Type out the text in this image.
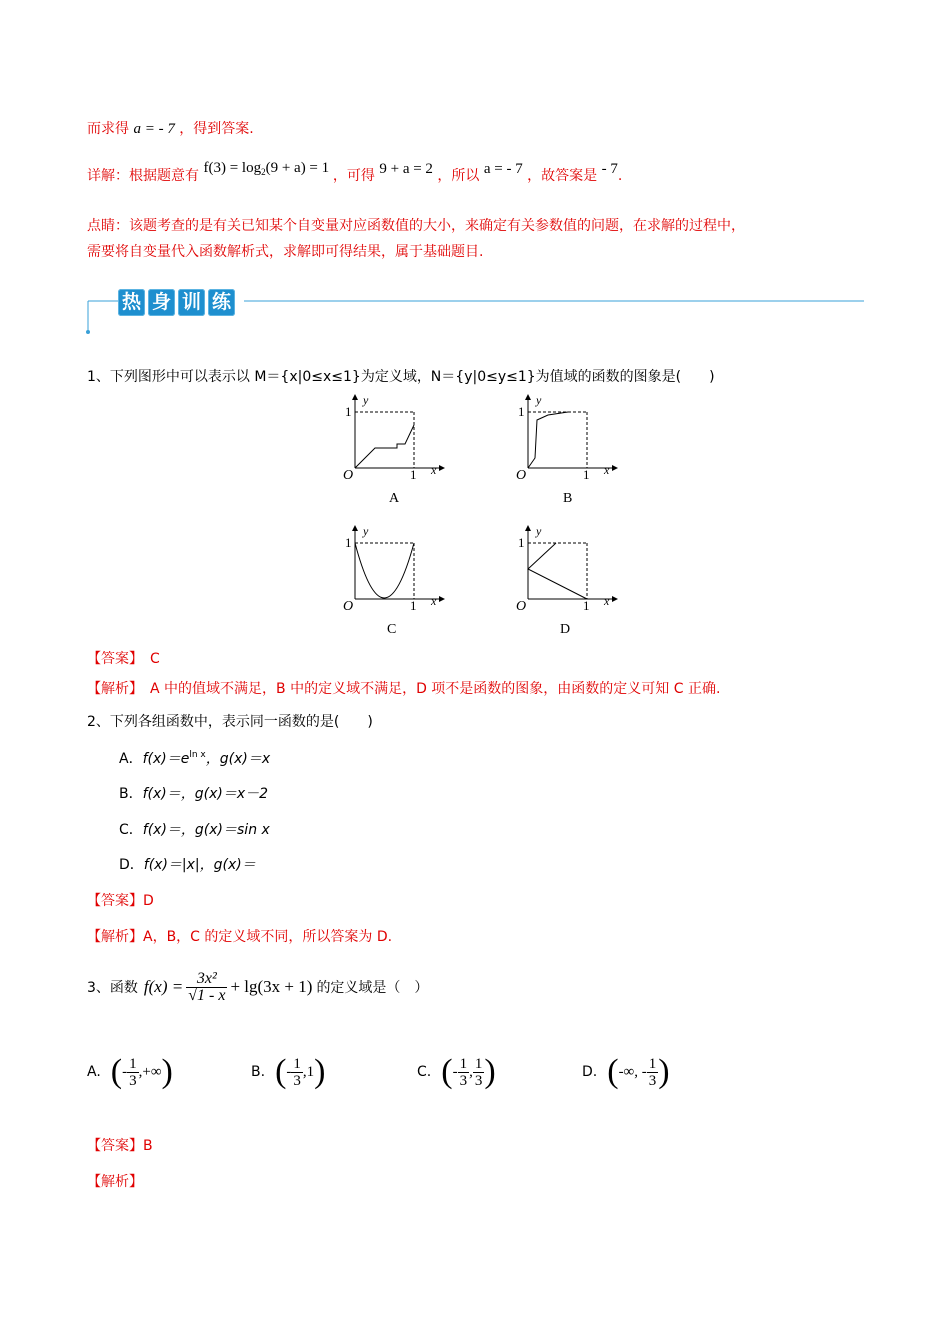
而求得 a = - 7 ，得到答案.
详解：根据题意有 $f(3) = \log_2(9 + a) = 1$ ，可得 9 + a = 2 ，所以 a = - 7 ，故答案是 - 7.
点睛：该题考查的是有关已知某个自变量对应函数值的大小，来确定有关参数值的问题，在求解的过程中，
需要将自变量代入函数解析式，求解即可得结果，属于基础题目.
热 身 训 练
1、下列图形中可以表示以 M＝{x|0≤x≤1}为定义域，N＝{y|0≤y≤1}为值域的函数的图象是(　　)
1
y
O	1 x
A
1
y
O	1 x
B
1
y
O	1 x
C
1
y
O	1 x
D
【答案】　C
【解析】　A 中的值域不满足，B 中的定义域不满足，D 项不是函数的图象，由函数的定义可知 C 正确.
2、下列各组函数中，表示同一函数的是(　　)
A．$f(x)=e^{ln x}$，g(x)＝x
B．f(x)＝，g(x)＝x－2
C．f(x)＝，g(x)＝sin x
D．f(x)＝|x|，g(x)＝
【答案】D
【解析】A，B，C 的定义域不同，所以答案为 D.
3、函数 $f(x) = \frac{\text{3x²}}{√1 - x} + \lg(3x + 1)$ 的定义域是（　）
A. ( - $\frac{1}{3}$ ,+∞ )	B. ( - $\frac{1}{3} ,1$ )	C. ( - $\frac{1}{3}$ , $\frac{1}{3}$ )	D. ( -∞, - $\frac{1}{3}$ )
【答案】B
【解析】
